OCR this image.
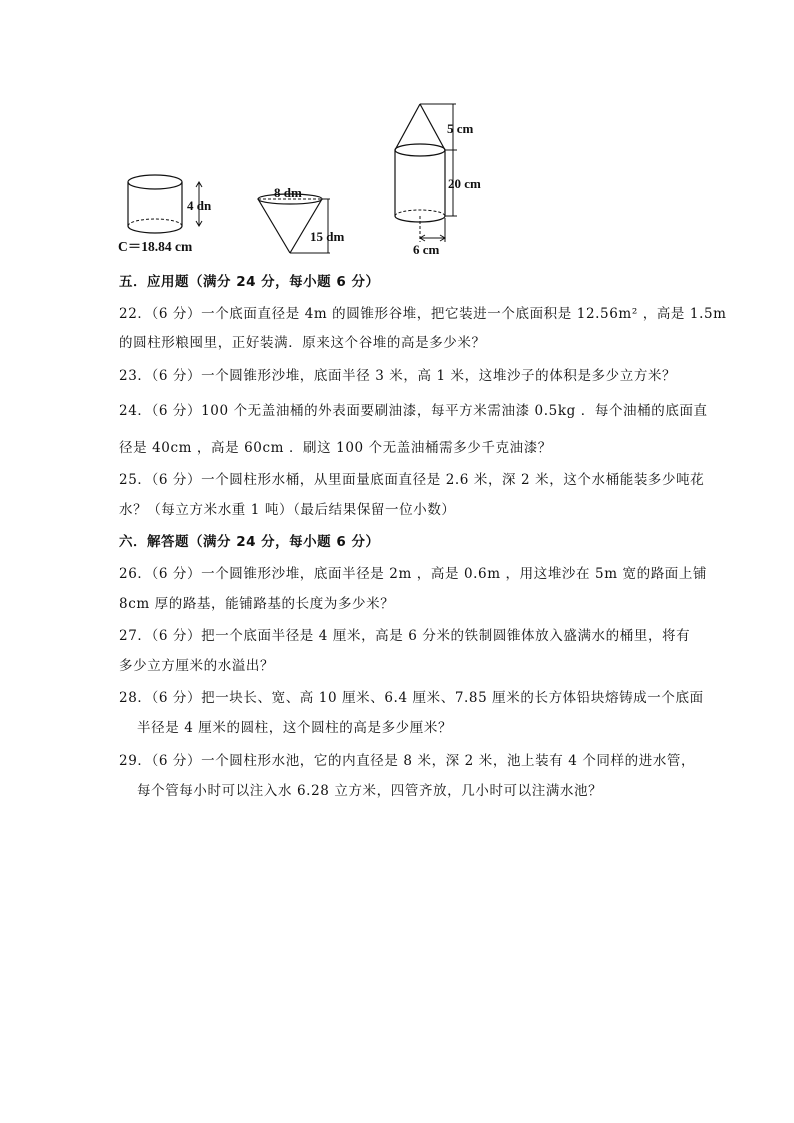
4 dn
C＝18.84 cm
8 dm
15 dm
5 cm
20 cm
6 cm
五．应用题（满分 24 分，每小题 6 分）
22．（6 分）一个底面直径是 4m 的圆锥形谷堆，把它装进一个底面积是 12.56m² ，高是 1.5m
的圆柱形粮囤里，正好装满．原来这个谷堆的高是多少米？
23．（6 分）一个圆锥形沙堆，底面半径 3 米，高 1 米，这堆沙子的体积是多少立方米？
24．（6 分）100 个无盖油桶的外表面要刷油漆，每平方米需油漆 0.5kg ．每个油桶的底面直
径是 40cm ，高是 60cm ．刷这 100 个无盖油桶需多少千克油漆？
25．（6 分）一个圆柱形水桶，从里面量底面直径是 2.6 米，深 2 米，这个水桶能装多少吨花
水？（每立方米水重 1 吨）（最后结果保留一位小数）
六．解答题（满分 24 分，每小题 6 分）
26．（6 分）一个圆锥形沙堆，底面半径是 2m ，高是 0.6m ，用这堆沙在 5m 宽的路面上铺
8cm 厚的路基，能铺路基的长度为多少米？
27．（6 分）把一个底面半径是 4 厘米，高是 6 分米的铁制圆锥体放入盛满水的桶里，将有
多少立方厘米的水溢出？
28．（6 分）把一块长、宽、高 10 厘米、6.4 厘米、7.85 厘米的长方体铅块熔铸成一个底面
半径是 4 厘米的圆柱，这个圆柱的高是多少厘米？
29．（6 分）一个圆柱形水池，它的内直径是 8 米，深 2 米，池上装有 4 个同样的进水管，
每个管每小时可以注入水 6.28 立方米，四管齐放，几小时可以注满水池？
